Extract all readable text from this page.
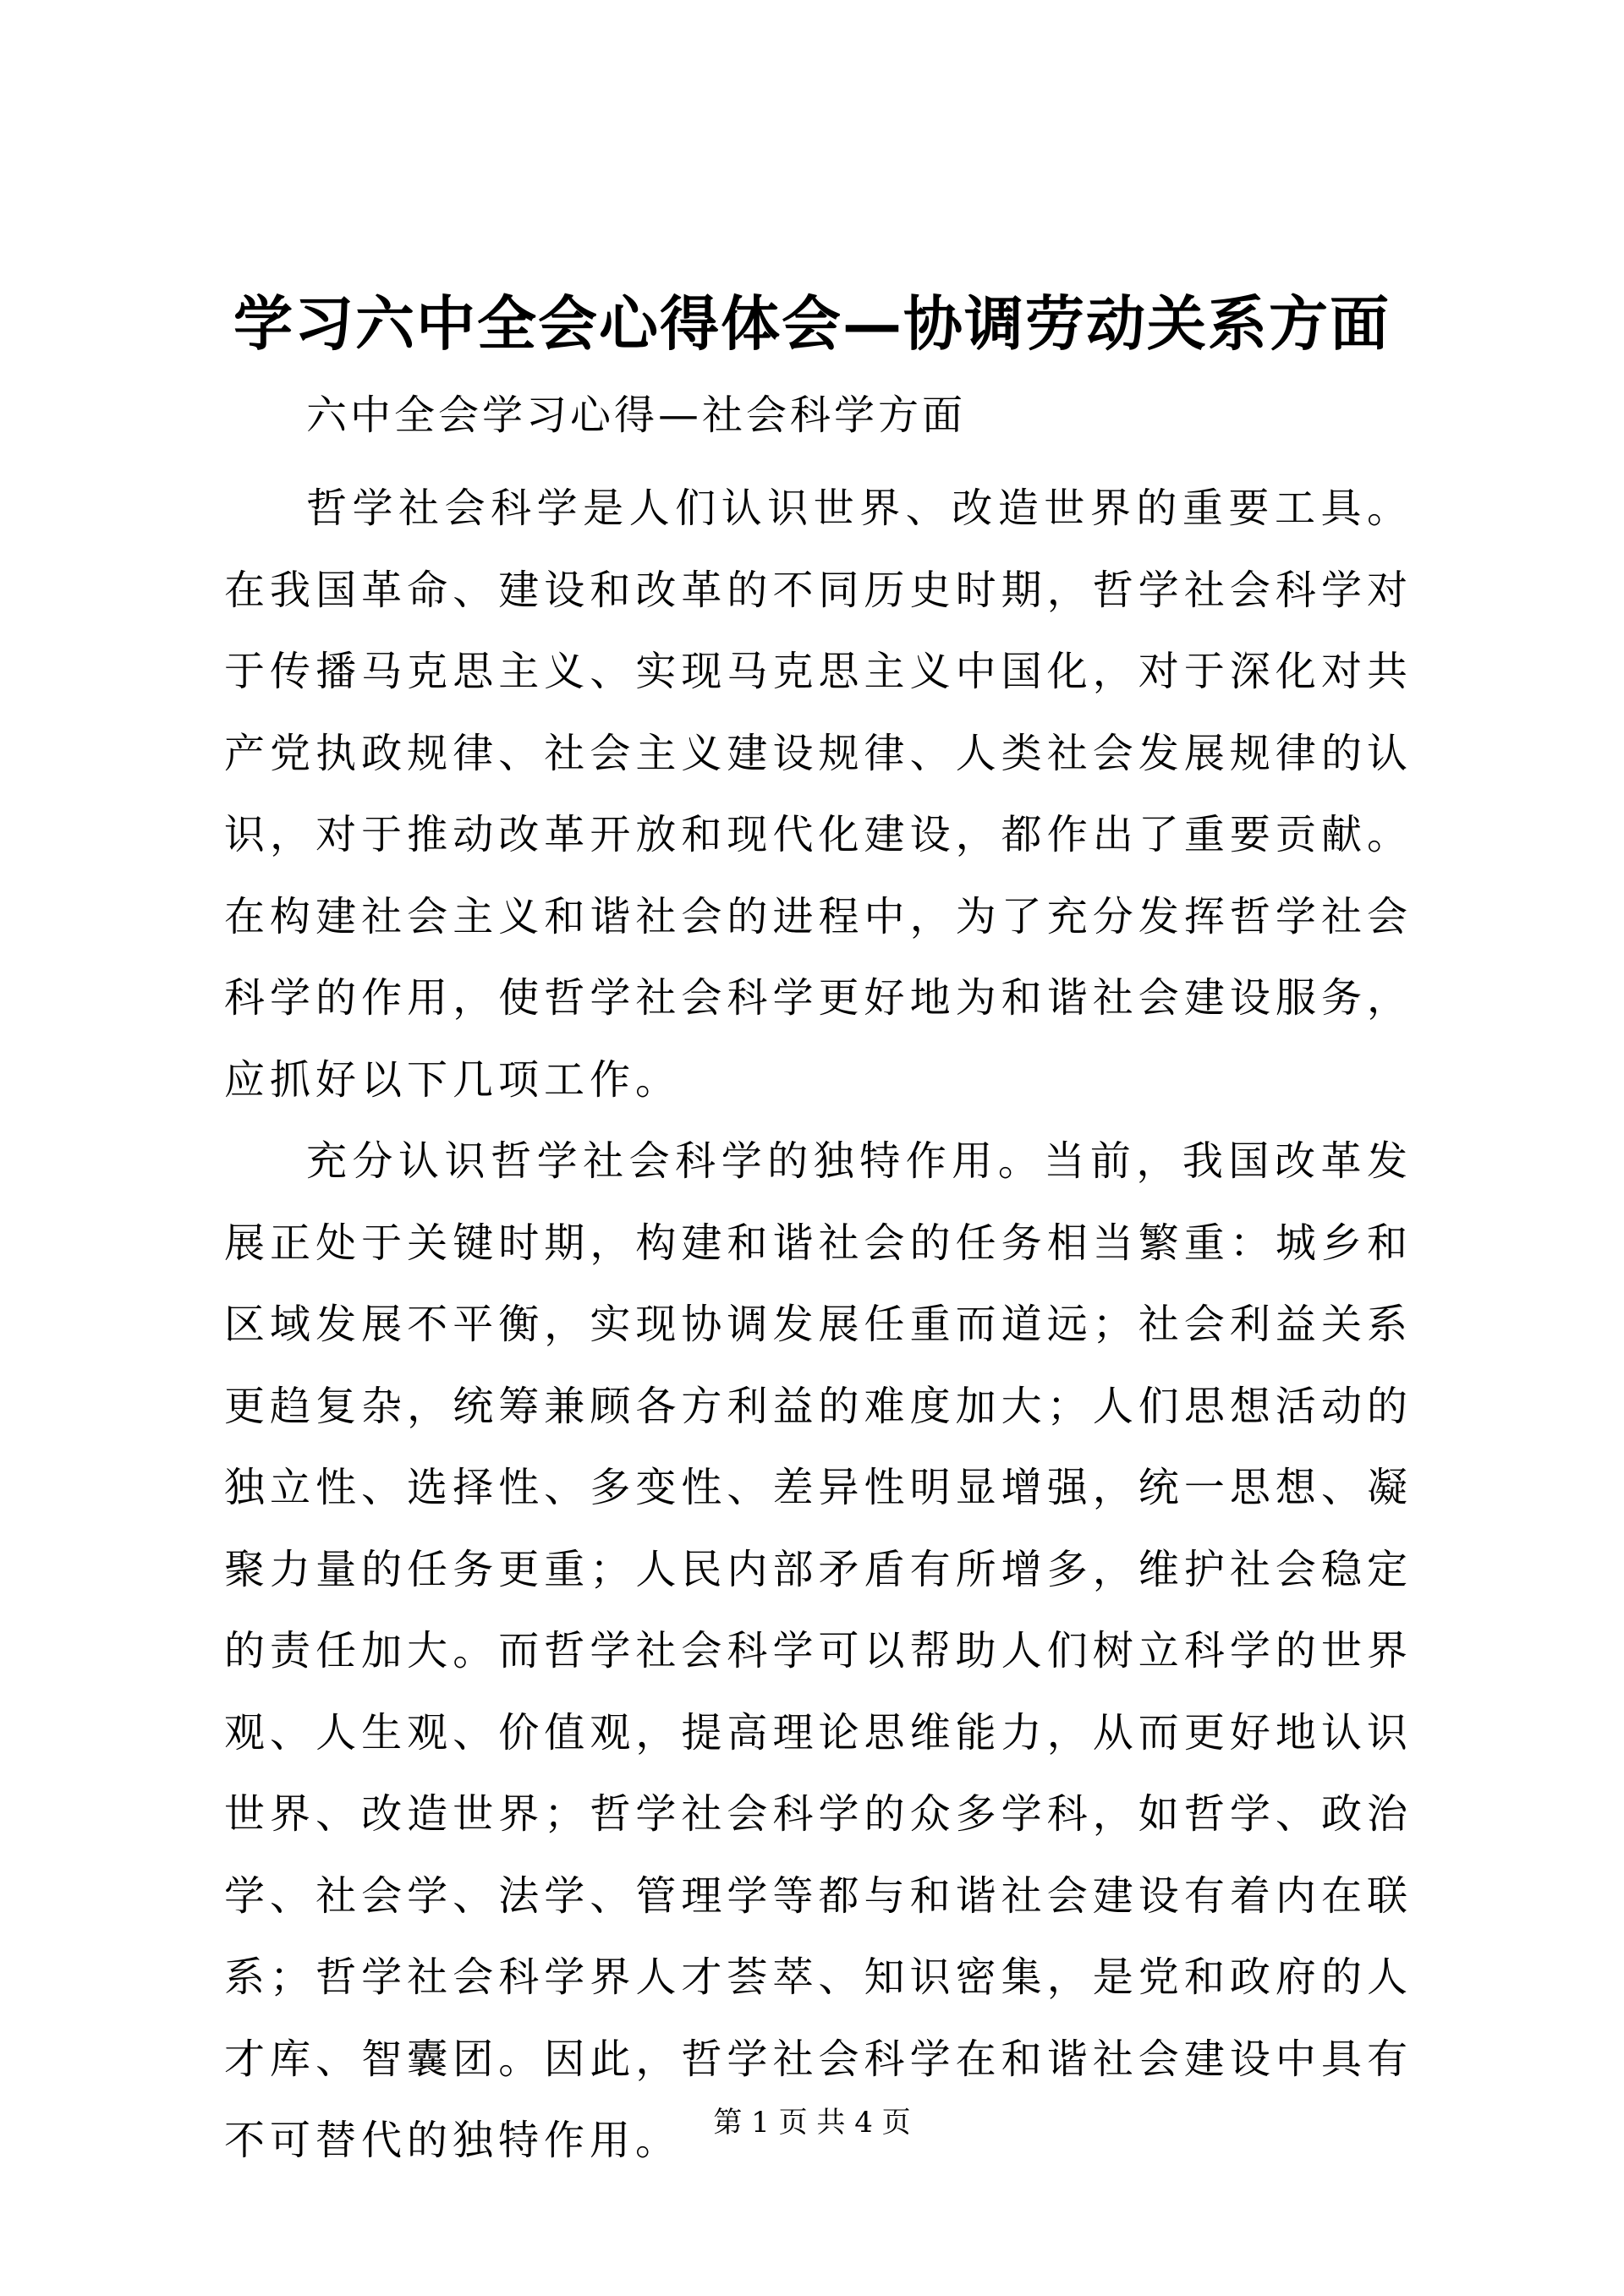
学习六中全会心得体会—协调劳动关系方面

六中全会学习心得—社会科学方面

哲学社会科学是人们认识世界、改造世界的重要工具。在我国革命、建设和改革的不同历史时期，哲学社会科学对于传播马克思主义、实现马克思主义中国化，对于深化对共产党执政规律、社会主义建设规律、人类社会发展规律的认识，对于推动改革开放和现代化建设，都作出了重要贡献。在构建社会主义和谐社会的进程中，为了充分发挥哲学社会科学的作用，使哲学社会科学更好地为和谐社会建设服务，应抓好以下几项工作。

充分认识哲学社会科学的独特作用。当前，我国改革发展正处于关键时期，构建和谐社会的任务相当繁重：城乡和区域发展不平衡，实现协调发展任重而道远；社会利益关系更趋复杂，统筹兼顾各方利益的难度加大；人们思想活动的独立性、选择性、多变性、差异性明显增强，统一思想、凝聚力量的任务更重；人民内部矛盾有所增多，维护社会稳定的责任加大。而哲学社会科学可以帮助人们树立科学的世界观、人生观、价值观，提高理论思维能力，从而更好地认识世界、改造世界；哲学社会科学的众多学科，如哲学、政治学、社会学、法学、管理学等都与和谐社会建设有着内在联系；哲学社会科学界人才荟萃、知识密集，是党和政府的人才库、智囊团。因此，哲学社会科学在和谐社会建设中具有不可替代的独特作用。	第 1 页 共 4 页
